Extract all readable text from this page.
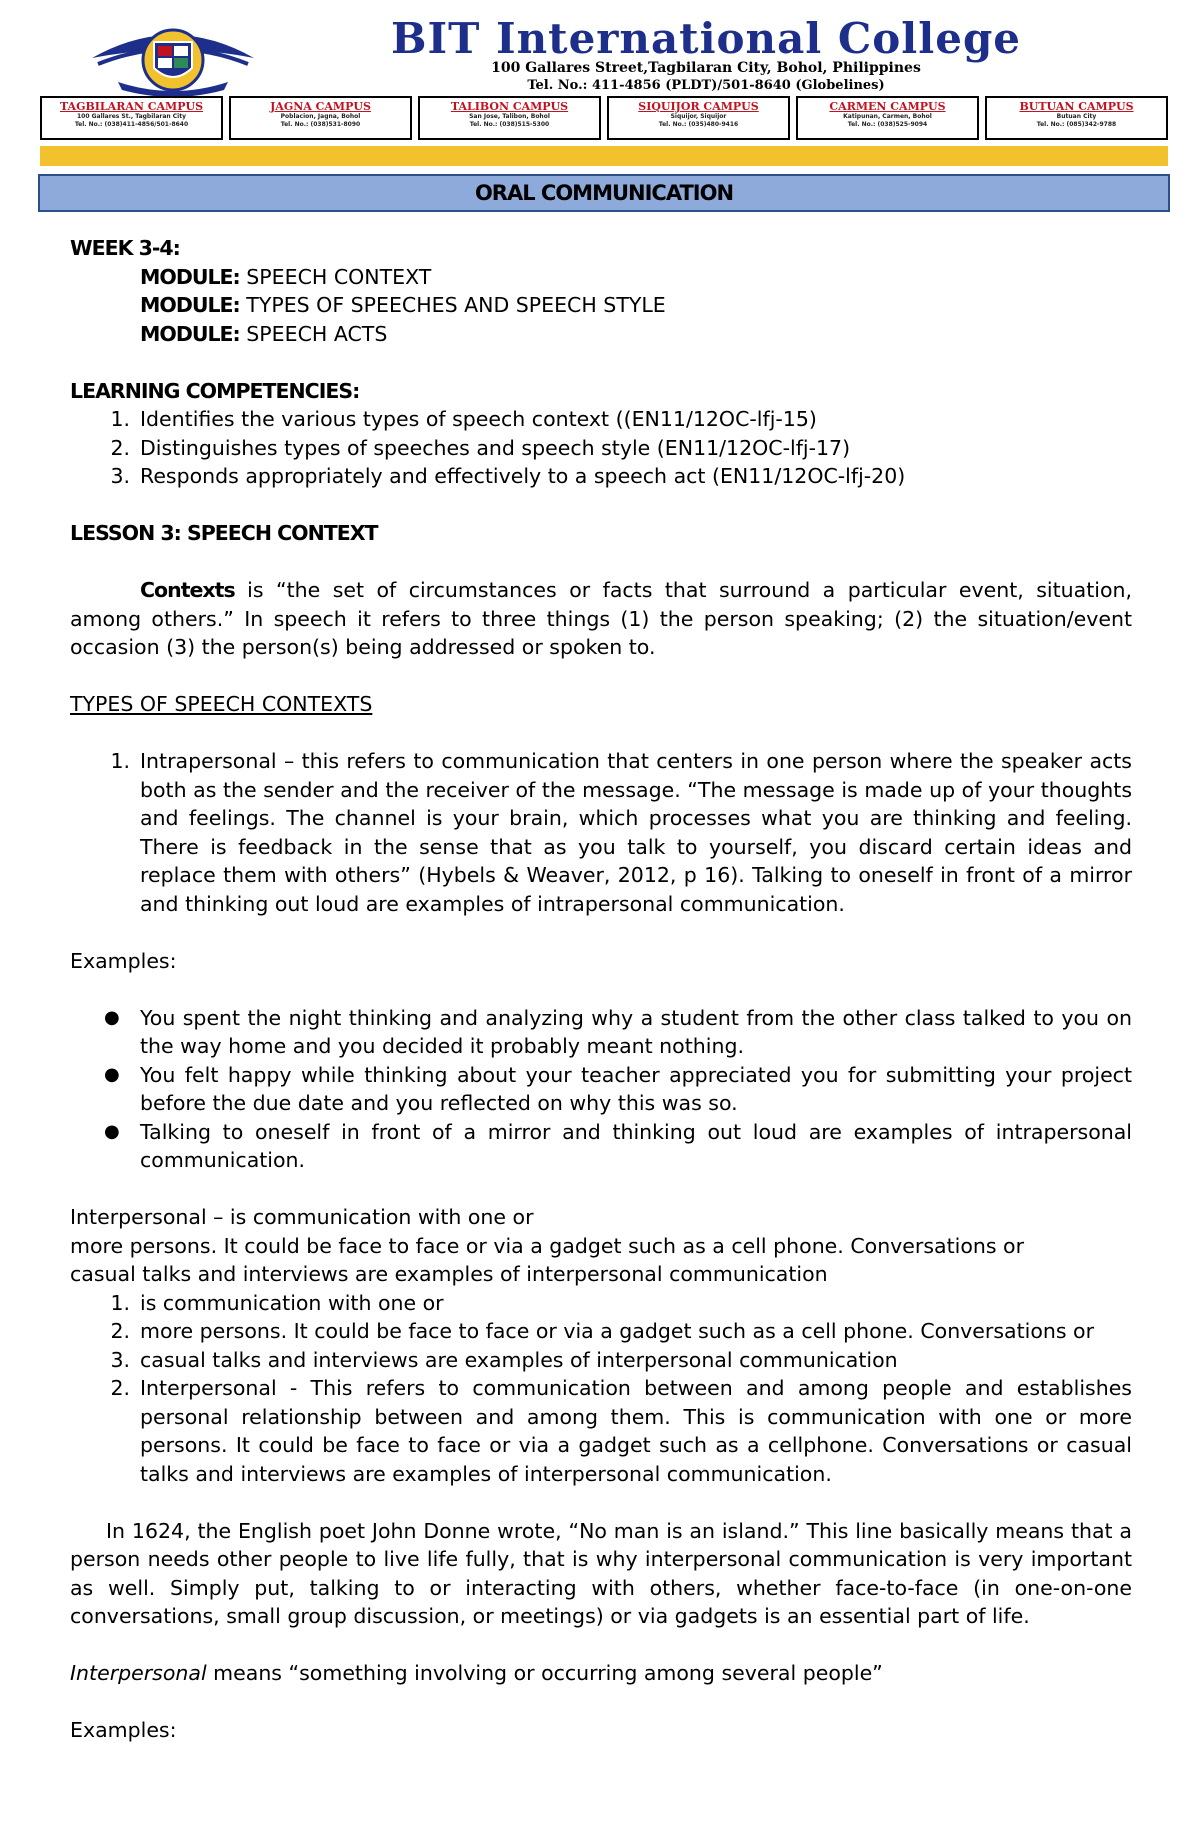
BIT International College
100 Gallares Street,Tagbilaran City, Bohol, Philippines
Tel. No.: 411-4856 (PLDT)/501-8640 (Globelines)
TAGBILARAN CAMPUS
100 Gallares St., Tagbilaran City
Tel. No.: (038)411-4856/501-8640
JAGNA CAMPUS
Poblacion, Jagna, Bohol
Tel. No.: (038)531-8090
TALIBON CAMPUS
San Jose, Talibon, Bohol
Tel. No.: (038)515-5300
SIQUIJOR CAMPUS
Siquijor, Siquijor
Tel. No.: (035)480-9416
CARMEN CAMPUS
Katipunan, Carmen, Bohol
Tel. No.: (038)525-9094
BUTUAN CAMPUS
Butuan City
Tel. No.: (085)342-9788
ORAL COMMUNICATION

WEEK 3-4:

MODULE: SPEECH CONTEXT

MODULE: TYPES OF SPEECHES AND SPEECH STYLE

MODULE: SPEECH ACTS

LEARNING COMPETENCIES:

1. Identifies the various types of speech context ((EN11/12OC-lfj-15)
2. Distinguishes types of speeches and speech style (EN11/12OC-lfj-17)
3. Responds appropriately and effectively to a speech act (EN11/12OC-lfj-20)

LESSON 3: SPEECH CONTEXT

Contexts is “the set of circumstances or facts that surround a particular event, situation, among others.” In speech it refers to three things (1) the person speaking; (2) the situation/event occasion (3) the person(s) being addressed or spoken to.

TYPES OF SPEECH CONTEXTS

1. Intrapersonal – this refers to communication that centers in one person where the speaker acts both as the sender and the receiver of the message. “The message is made up of your thoughts and feelings. The channel is your brain, which processes what you are thinking and feeling. There is feedback in the sense that as you talk to yourself, you discard certain ideas and replace them with others” (Hybels & Weaver, 2012, p 16). Talking to oneself in front of a mirror and thinking out loud are examples of intrapersonal communication.

Examples:

● You spent the night thinking and analyzing why a student from the other class talked to you on the way home and you decided it probably meant nothing.
● You felt happy while thinking about your teacher appreciated you for submitting your project before the due date and you reflected on why this was so.
● Talking to oneself in front of a mirror and thinking out loud are examples of intrapersonal communication.

Interpersonal – is communication with one or

more persons. It could be face to face or via a gadget such as a cell phone. Conversations or

casual talks and interviews are examples of interpersonal communication

1. is communication with one or
2. more persons. It could be face to face or via a gadget such as a cell phone. Conversations or
3. casual talks and interviews are examples of interpersonal communication
2. Interpersonal - This refers to communication between and among people and establishes personal relationship between and among them. This is communication with one or more persons. It could be face to face or via a gadget such as a cellphone. Conversations or casual talks and interviews are examples of interpersonal communication.

In 1624, the English poet John Donne wrote, “No man is an island.” This line basically means that a person needs other people to live life fully, that is why interpersonal communication is very important as well. Simply put, talking to or interacting with others, whether face-to-face (in one-on-one conversations, small group discussion, or meetings) or via gadgets is an essential part of life.

Interpersonal means “something involving or occurring among several people”

Examples:
